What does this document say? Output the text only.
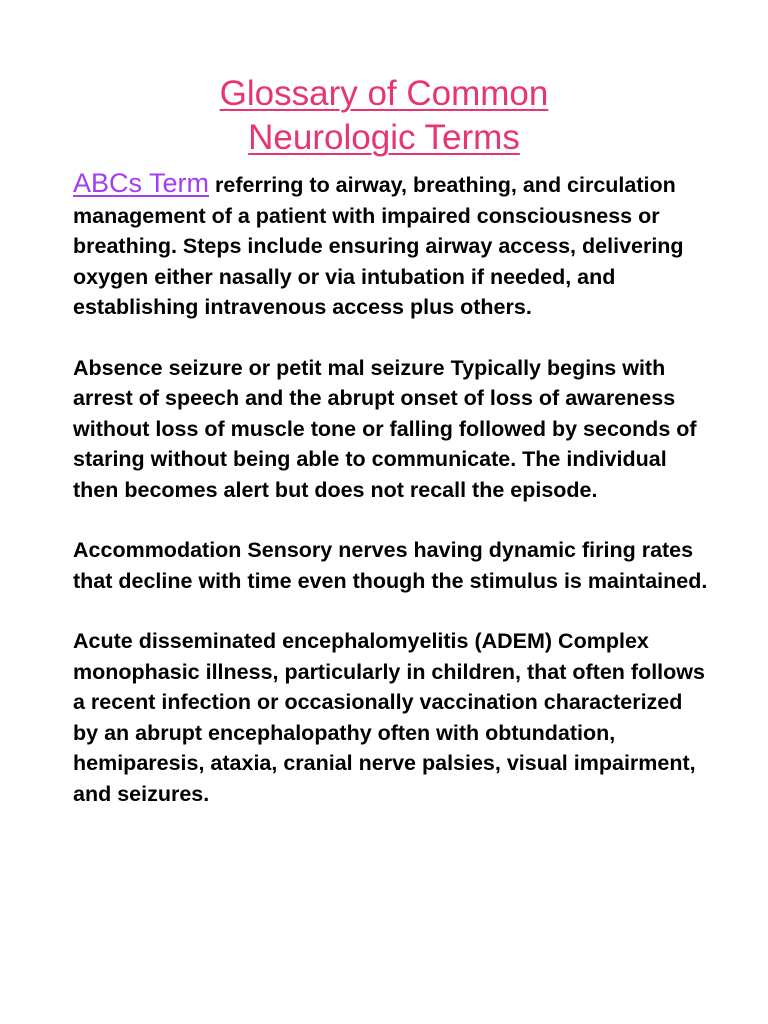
Glossary of Common
Neurologic Terms

ABCs Term referring to airway, breathing, and circulation management of a patient with impaired consciousness or breathing. Steps include ensuring airway access, delivering oxygen either nasally or via intubation if needed, and establishing intravenous access plus others.

Absence seizure or petit mal seizure Typically begins with arrest of speech and the abrupt onset of loss of awareness without loss of muscle tone or falling followed by seconds of staring without being able to communicate. The individual then becomes alert but does not recall the episode.

Accommodation Sensory nerves having dynamic firing rates that decline with time even though the stimulus is maintained.

Acute disseminated encephalomyelitis (ADEM) Complex monophasic illness, particularly in children, that often follows a recent infection or occasionally vaccination characterized by an abrupt encephalopathy often with obtundation, hemiparesis, ataxia, cranial nerve palsies, visual impairment, and seizures.
